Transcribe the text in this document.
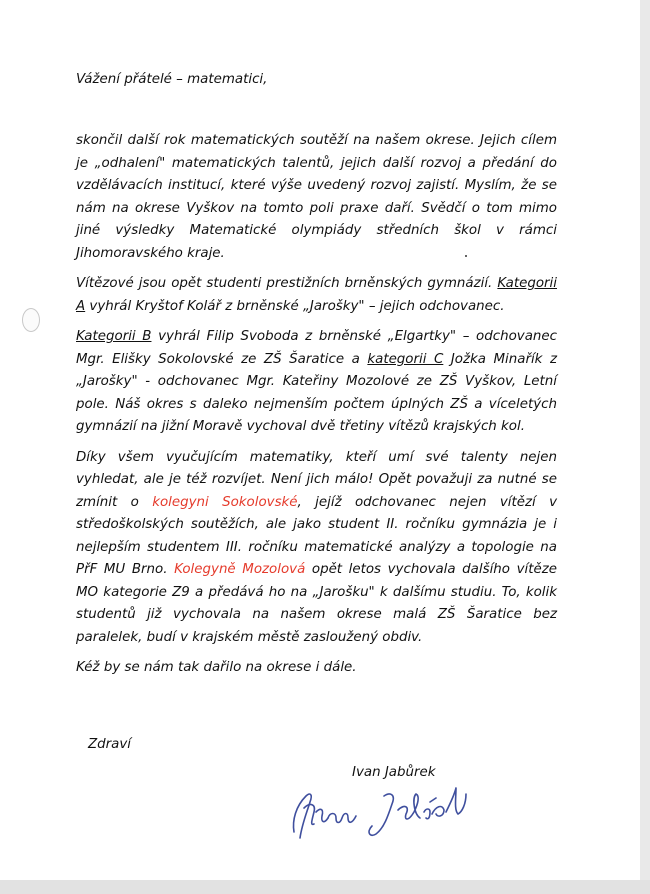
Vážení přátelé – matematici,

skončil další rok matematických soutěží na našem okrese. Jejich cílem je „odhalení" matematických talentů, jejich další rozvoj a předání do vzdělávacích institucí, které výše uvedený rozvoj zajistí. Myslím, že se nám na okrese Vyškov na tomto poli praxe daří. Svědčí o tom mimo jiné výsledky Matematické olympiády středních škol v rámci Jihomoravského kraje.

Vítězové jsou opět studenti prestižních brněnských gymnázií. Kategorii A vyhrál Kryštof Kolář z brněnské „Jarošky" – jejich odchovanec.

Kategorii B vyhrál Filip Svoboda z brněnské „Elgartky" – odchovanec Mgr. Elišky Sokolovské ze ZŠ Šaratice a kategorii C Jožka Minařík z „Jarošky" - odchovanec Mgr. Kateřiny Mozolové ze ZŠ Vyškov, Letní pole. Náš okres s daleko nejmenším počtem úplných ZŠ a víceletých gymnázií na jižní Moravě vychoval dvě třetiny vítězů krajských kol.

Díky všem vyučujícím matematiky, kteří umí své talenty nejen vyhledat, ale je též rozvíjet. Není jich málo! Opět považuji za nutné se zmínit o kolegyni Sokolovské, jejíž odchovanec nejen vítězí v středoškolských soutěžích, ale jako student II. ročníku gymnázia je i nejlepším studentem III. ročníku matematické analýzy a topologie na PřF MU Brno. Kolegyně Mozolová opět letos vychovala dalšího vítěze MO kategorie Z9 a předává ho na „Jarošku" k dalšímu studiu. To, kolik studentů již vychovala na našem okrese malá ZŠ Šaratice bez paralelek, budí v krajském městě zasloužený obdiv.

Kéž by se nám tak dařilo na okrese i dále.

Zdraví

Ivan Jabůrek
